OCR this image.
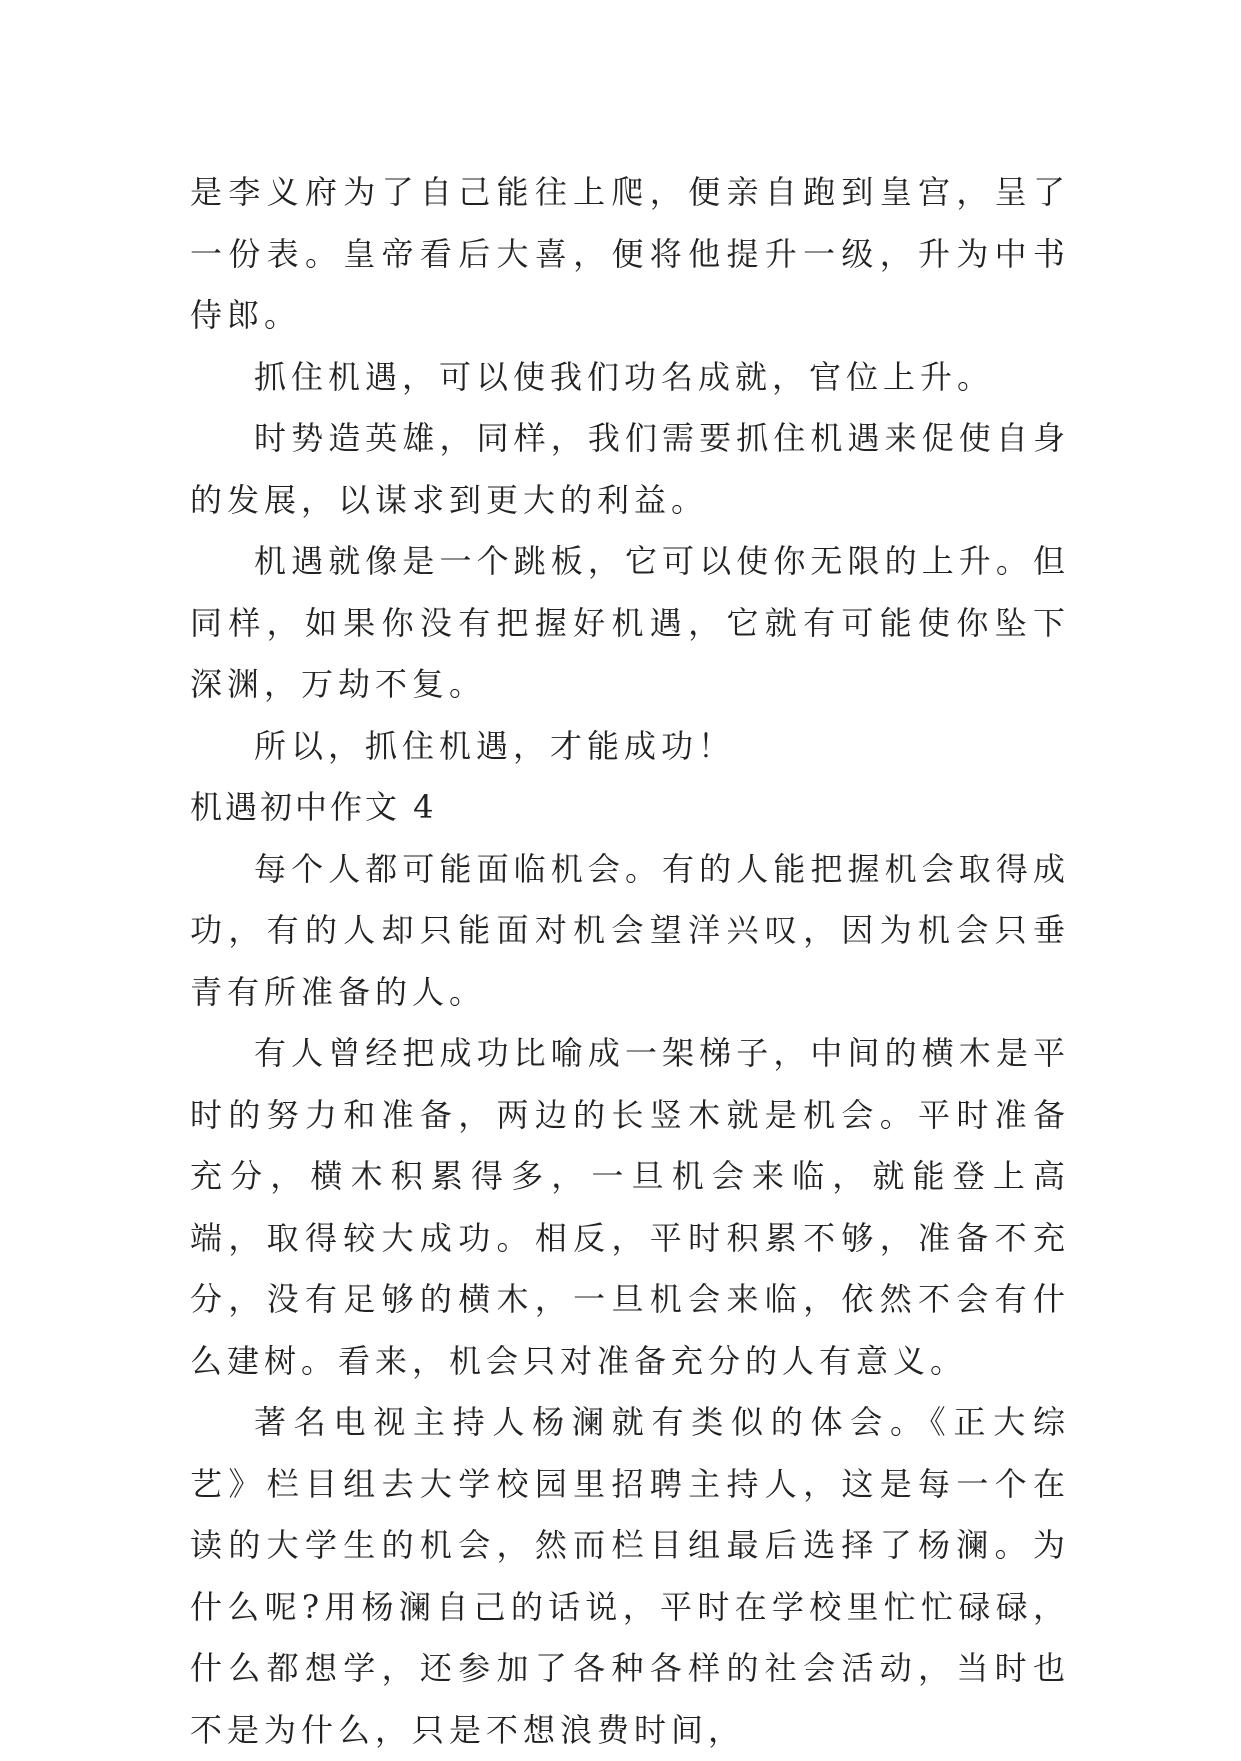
是李义府为了自己能往上爬，便亲自跑到皇宫，呈了一份表。皇帝看后大喜，便将他提升一级，升为中书侍郎。

抓住机遇，可以使我们功名成就，官位上升。

时势造英雄，同样，我们需要抓住机遇来促使自身的发展，以谋求到更大的利益。

机遇就像是一个跳板，它可以使你无限的上升。但同样，如果你没有把握好机遇，它就有可能使你坠下深渊，万劫不复。

所以，抓住机遇，才能成功！

机遇初中作文 4

每个人都可能面临机会。有的人能把握机会取得成功，有的人却只能面对机会望洋兴叹，因为机会只垂青有所准备的人。

有人曾经把成功比喻成一架梯子，中间的横木是平时的努力和准备，两边的长竖木就是机会。平时准备充分，横木积累得多，一旦机会来临，就能登上高端，取得较大成功。相反，平时积累不够，准备不充分，没有足够的横木，一旦机会来临，依然不会有什么建树。看来，机会只对准备充分的人有意义。

著名电视主持人杨澜就有类似的体会。《正大综艺》栏目组去大学校园里招聘主持人，这是每一个在读的大学生的机会，然而栏目组最后选择了杨澜。为什么呢?用杨澜自己的话说，平时在学校里忙忙碌碌，什么都想学，还参加了各种各样的社会活动，当时也不是为什么，只是不想浪费时间，
